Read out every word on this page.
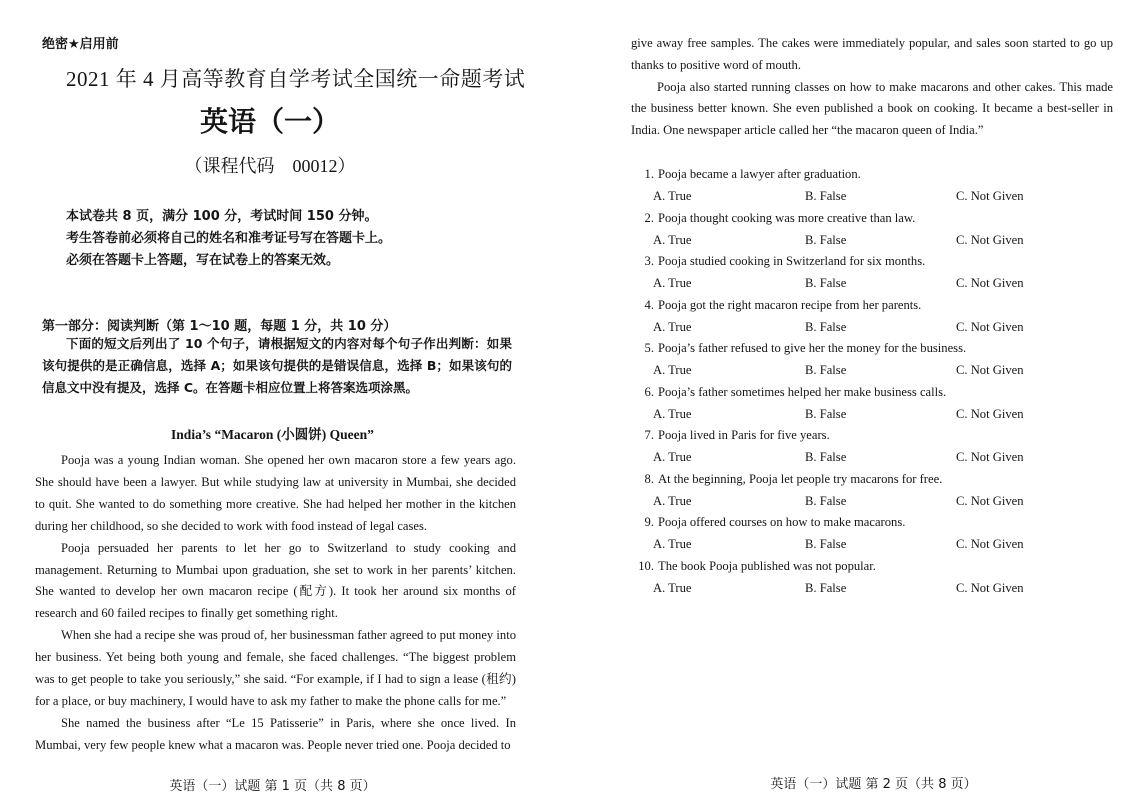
绝密★启用前
2021 年 4 月高等教育自学考试全国统一命题考试
英语（一）
（课程代码　00012）
本试卷共 8 页，满分 100 分，考试时间 150 分钟。
考生答卷前必须将自己的姓名和准考证号写在答题卡上。
必须在答题卡上答题，写在试卷上的答案无效。
第一部分：阅读判断（第 1～10 题，每题 1 分，共 10 分）
下面的短文后列出了 10 个句子，请根据短文的内容对每个句子作出判断：如果该句提供的是正确信息，选择 A；如果该句提供的是错误信息，选择 B；如果该句的信息文中没有提及，选择 C。在答题卡相应位置上将答案选项涂黑。
India’s “Macaron (小圆饼) Queen”

Pooja was a young Indian woman. She opened her own macaron store a few years ago. She should have been a lawyer. But while studying law at university in Mumbai, she decided to quit. She wanted to do something more creative. She had helped her mother in the kitchen during her childhood, so she decided to work with food instead of legal cases.

Pooja persuaded her parents to let her go to Switzerland to study cooking and management. Returning to Mumbai upon graduation, she set to work in her parents’ kitchen. She wanted to develop her own macaron recipe (配方). It took her around six months of research and 60 failed recipes to finally get something right.

When she had a recipe she was proud of, her businessman father agreed to put money into her business. Yet being both young and female, she faced challenges. “The biggest problem was to get people to take you seriously,” she said. “For example, if I had to sign a lease (租约) for a place, or buy machinery, I would have to ask my father to make the phone calls for me.”

She named the business after “Le 15 Patisserie” in Paris, where she once lived. In Mumbai, very few people knew what a macaron was. People never tried one. Pooja decided to

英语（一）试题 第 1 页（共 8 页）

give away free samples. The cakes were immediately popular, and sales soon started to go up thanks to positive word of mouth.

Pooja also started running classes on how to make macarons and other cakes. This made the business better known. She even published a book on cooking. It became a best-seller in India. One newspaper article called her “the macaron queen of India.”

1. Pooja became a lawyer after graduation.
A. True	B. False	C. Not Given
2. Pooja thought cooking was more creative than law.
A. True	B. False	C. Not Given
3. Pooja studied cooking in Switzerland for six months.
A. True	B. False	C. Not Given
4. Pooja got the right macaron recipe from her parents.
A. True	B. False	C. Not Given
5. Pooja’s father refused to give her the money for the business.
A. True	B. False	C. Not Given
6. Pooja’s father sometimes helped her make business calls.
A. True	B. False	C. Not Given
7. Pooja lived in Paris for five years.
A. True	B. False	C. Not Given
8. At the beginning, Pooja let people try macarons for free.
A. True	B. False	C. Not Given
9. Pooja offered courses on how to make macarons.
A. True	B. False	C. Not Given
10. The book Pooja published was not popular.
A. True	B. False	C. Not Given
英语（一）试题 第 2 页（共 8 页）
